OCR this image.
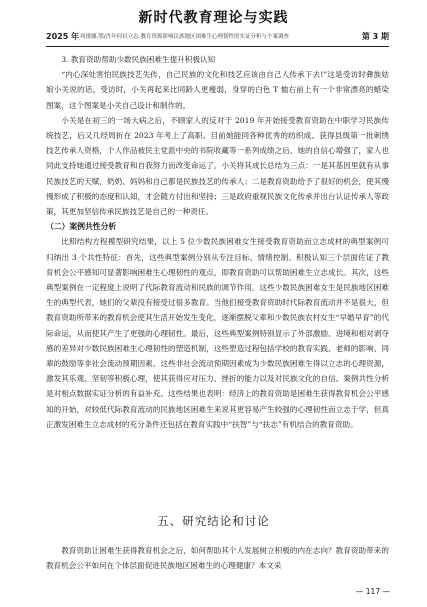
新时代教育理论与实践
2025 年 周援娜,鄂/肖年何以立志:教育资源影响民族地区困难生心理韧性的实证分析与个案调查	第 3 期

3. 教育资助帮助少数民族困难生提升积极认知

“内心深处害怕民族技艺失传，自己民族的文化和技艺应该由自己人传承下去!”这是受访时彝族姑娘小关说的话。受访时，小关再起来比同龄人更瘦弱，身穿的白色 T 恤右前上有一个非常漂亮的蜡染图案，这个图案是小关自己设计和制作的。

小关是在初三的一场大病之后，不顾家人的反对于 2019 年开始接受教育资助在中职学习民族传统技艺，后又几经周折在 2023 年考上了高职。目前她能同各种优秀的纺织成、获得县级第一批刺绣技艺传承人资格，个人作品被民主党派中央的书院收藏等一系列成绩之后，她的自信心增强了，家人也同此支持她通过接受教育和自我努力而改变命运了。小关将其成长总结为三点：一是其基因里就有从事民族技艺的天赋，奶奶、妈妈和自己都是民族技艺的传承人；二是教育资助给予了很好的机会，使其慢慢形成了积极的态度和认知，才会随方付出和坚持；三是政府重视民族文化传承并出台认证传承人等政策，其更加坚信传承民族技艺是自己的一种责任。

（二）案例共性分析

比照结构方程模型研究结果，以上 5 位少数民族困难女生接受教育资助而立志成材的典型案例可归纳出 3 个共性特征：首先，这些典型案例分别从专注目标、情绪控制、积极认知三个层面佐证了教育机会公平感知可显著影响困难生心理韧性的观点，即教育资助可以帮助困难生立志成长。其次，这些典型案例在一定程度上说明了代际教育流动和民族的调节作用。这些少数民族困难女生是民族地区困难生的典型代表，她们的父辈没有接受过很多教育。当他们接受教育资助时代际教育流动并不是很大，但教育资助所带来的教育机会使其生活开始发生变化，逐渐摆脱父辈和少数民族农村女生“早婚早育”的代际命运，从而使其产生了更强的心理韧性。最后，这些典型案例特别显示了外部激励、进境和相对剥夺感的差异对少数民族困难生心理韧性的塑造机制，这些塑造过程包括学校的教育实践、老师的影响、同辈的鼓励等非社会流动预期因素。这些非社会流动预期因素成为少数民族困难生得以立志的心理资源，激发其乐观、坚韧等积极心理，使其获得应对压力、挫折的能力以及对民族文化的自信。案例共性分析是对相点数据实证分析的有益补充。这些结果也表明：经济上的教育资助是困难生获得教育机会公平感知的开始，对较低代际教育流动的民族地区困难生来说其更容易产生较强的心理韧性而立志于学，但真正激发困难生立志成材的充分条件还包括在教育实践中“扶智”与“扶志”有机结合的教育资助。

五、研究结论和讨论

教育资助让困难生获得教育机会之后，如何帮助其个人发展树立积极的内在志向？教育资助带来的教育机会公平如何在个体层面促进民族地区困难生的心理健康？本文采

— 117 —
